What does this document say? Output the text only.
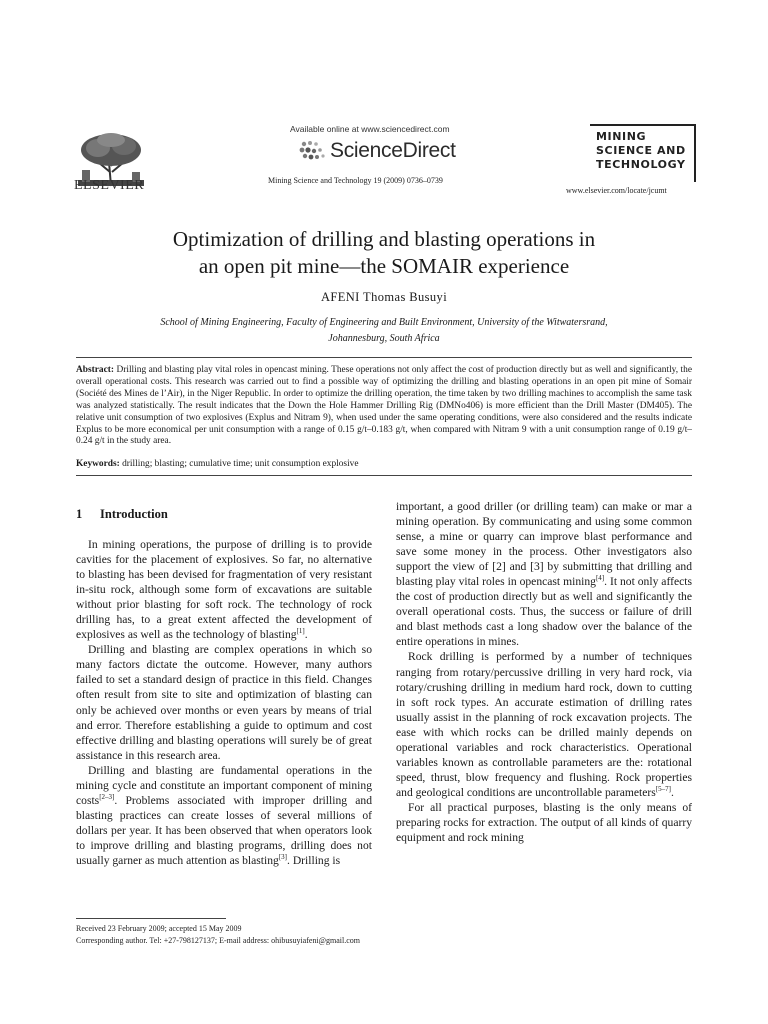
ELSEVIER
Available online at www.sciencedirect.com
ScienceDirect
Mining Science and Technology 19 (2009) 0736–0739
MINING
SCIENCE AND
TECHNOLOGY
www.elsevier.com/locate/jcumt
Optimization of drilling and blasting operations in
an open pit mine—the SOMAIR experience
AFENI Thomas Busuyi
School of Mining Engineering, Faculty of Engineering and Built Environment, University of the Witwatersrand,
Johannesburg, South Africa
Abstract: Drilling and blasting play vital roles in opencast mining. These operations not only affect the cost of production directly but as well and significantly, the overall operational costs. This research was carried out to find a possible way of optimizing the drilling and blasting operations in an open pit mine of Somair (Société des Mines de l’Air), in the Niger Republic. In order to optimize the drilling operation, the time taken by two drilling machines to accomplish the same task was analyzed statistically. The result indicates that the Down the Hole Hammer Drilling Rig (DMNo406) is more efficient than the Drill Master (DM405). The relative unit consumption of two explosives (Explus and Nitram 9), when used under the same operating conditions, were also considered and the results indicate Explus to be more economical per unit consumption with a range of 0.15 g/t–0.183 g/t, when compared with Nitram 9 with a unit consumption range of 0.19 g/t–0.24 g/t in the study area.
Keywords: drilling; blasting; cumulative time; unit consumption explosive
1 Introduction

In mining operations, the purpose of drilling is to provide cavities for the placement of explosives. So far, no alternative to blasting has been devised for fragmentation of very resistant in-situ rock, although some form of excavations are suitable without prior blasting for soft rock. The technology of rock drilling has, to a great extent affected the development of explosives as well as the technology of blasting[1].

Drilling and blasting are complex operations in which so many factors dictate the outcome. However, many authors failed to set a standard design of practice in this field. Changes often result from site to site and optimization of blasting can only be achieved over months or even years by means of trial and error. Therefore establishing a guide to optimum and cost effective drilling and blasting operations will surely be of great assistance in this research area.

Drilling and blasting are fundamental operations in the mining cycle and constitute an important component of mining costs[2–3]. Problems associated with improper drilling and blasting practices can create losses of several millions of dollars per year. It has been observed that when operators look to improve drilling and blasting programs, drilling does not usually garner as much attention as blasting[3]. Drilling is

important, a good driller (or drilling team) can make or mar a mining operation. By communicating and using some common sense, a mine or quarry can improve blast performance and save some money in the process. Other investigators also support the view of [2] and [3] by submitting that drilling and blasting play vital roles in opencast mining[4]. It not only affects the cost of production directly but as well and significantly the overall operational costs. Thus, the success or failure of drill and blast methods cast a long shadow over the balance of the entire operations in mines.

Rock drilling is performed by a number of techniques ranging from rotary/percussive drilling in very hard rock, via rotary/crushing drilling in medium hard rock, down to cutting in soft rock types. An accurate estimation of drilling rates usually assist in the planning of rock excavation projects. The ease with which rocks can be drilled mainly depends on operational variables and rock characteristics. Operational variables known as controllable parameters are the: rotational speed, thrust, blow frequency and flushing. Rock properties and geological conditions are uncontrollable parameters[5–7].

For all practical purposes, blasting is the only means of preparing rocks for extraction. The output of all kinds of quarry equipment and rock mining

Received 23 February 2009; accepted 15 May 2009
Corresponding author. Tel: +27-798127137; E-mail address: ohibusuyiafeni@gmail.com
